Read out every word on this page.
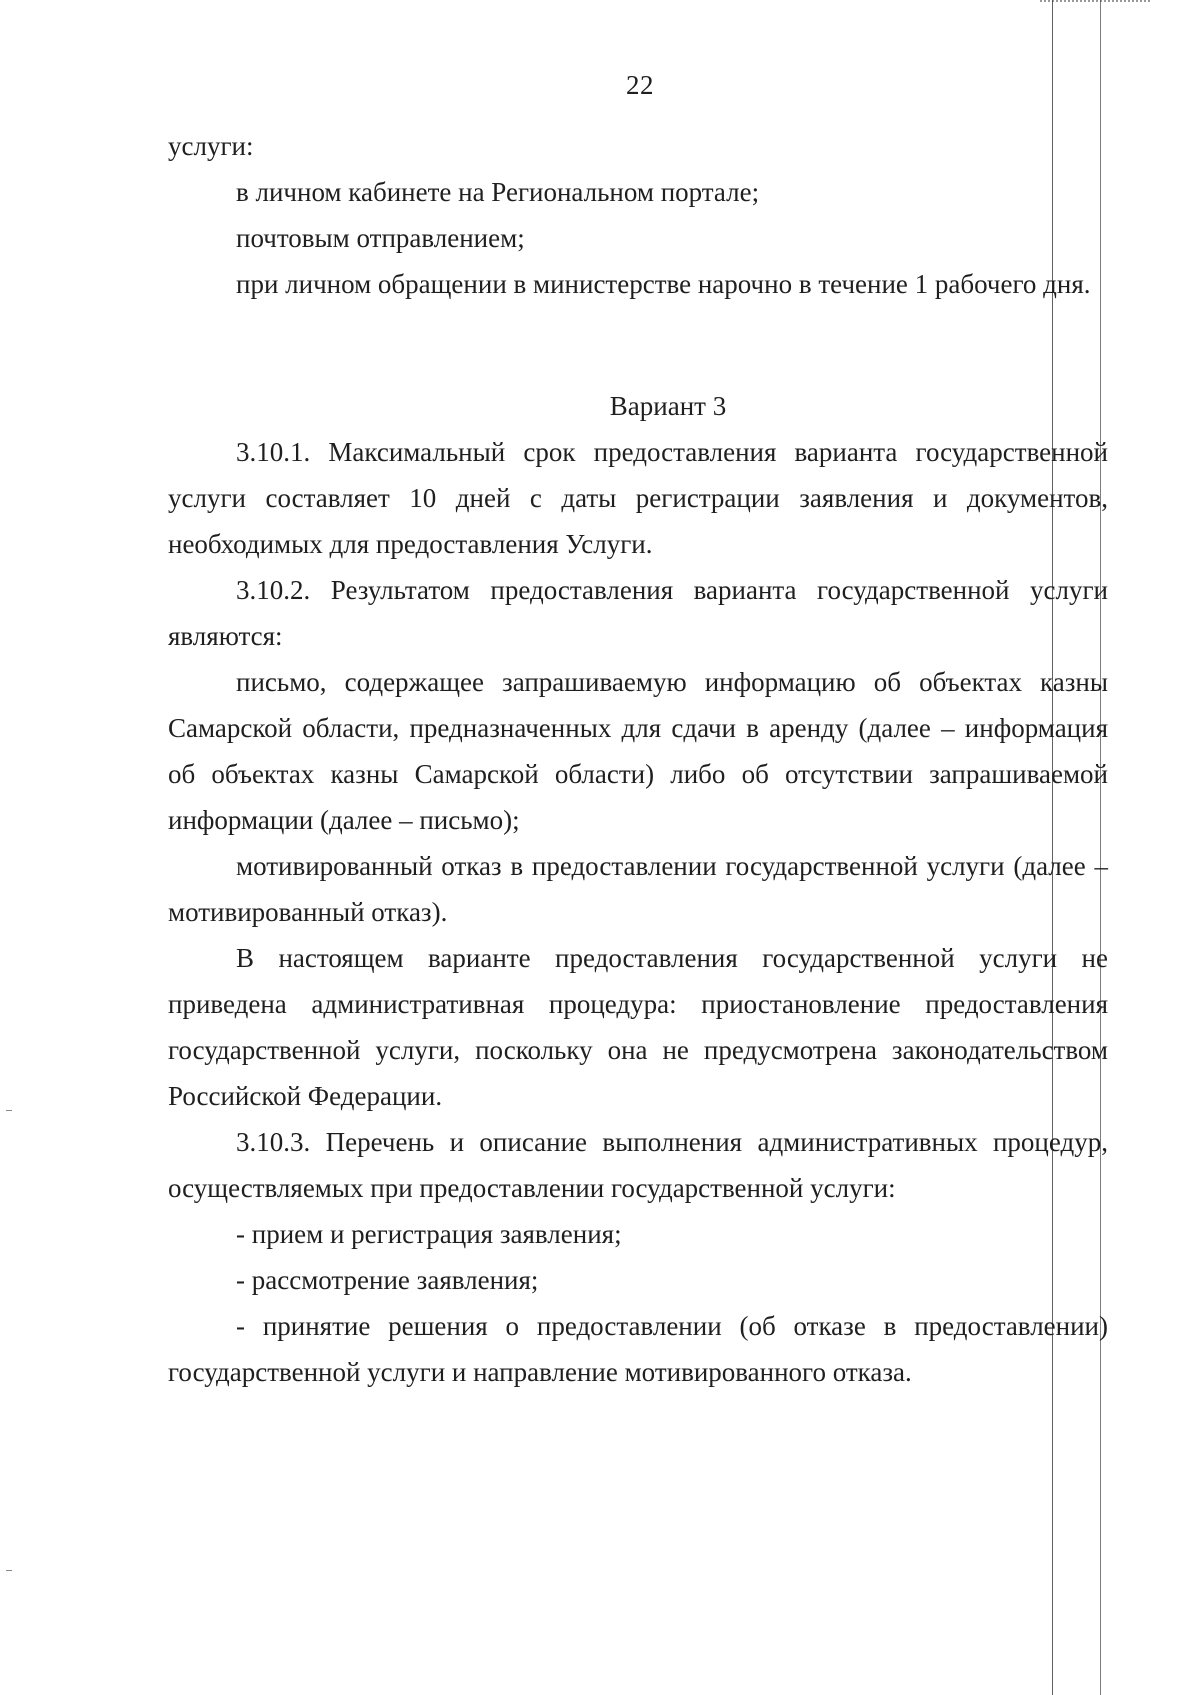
22

услуги:

в личном кабинете на Региональном портале;

почтовым отправлением;

при личном обращении в министерстве нарочно в течение 1 рабочего дня.

Вариант 3

3.10.1. Максимальный срок предоставления варианта государственной услуги составляет 10 дней с даты регистрации заявления и документов, необходимых для предоставления Услуги.

3.10.2. Результатом предоставления варианта государственной услуги являются:

письмо, содержащее запрашиваемую информацию об объектах казны Самарской области, предназначенных для сдачи в аренду (далее – информация об объектах казны Самарской области) либо об отсутствии запрашиваемой информации (далее – письмо);

мотивированный отказ в предоставлении государственной услуги (далее – мотивированный отказ).

В настоящем варианте предоставления государственной услуги не приведена административная процедура: приостановление предоставления государственной услуги, поскольку она не предусмотрена законодательством Российской Федерации.

3.10.3. Перечень и описание выполнения административных процедур, осуществляемых при предоставлении государственной услуги:

- прием и регистрация заявления;

- рассмотрение заявления;

- принятие решения о предоставлении (об отказе в предоставлении) государственной услуги и направление мотивированного отказа.
